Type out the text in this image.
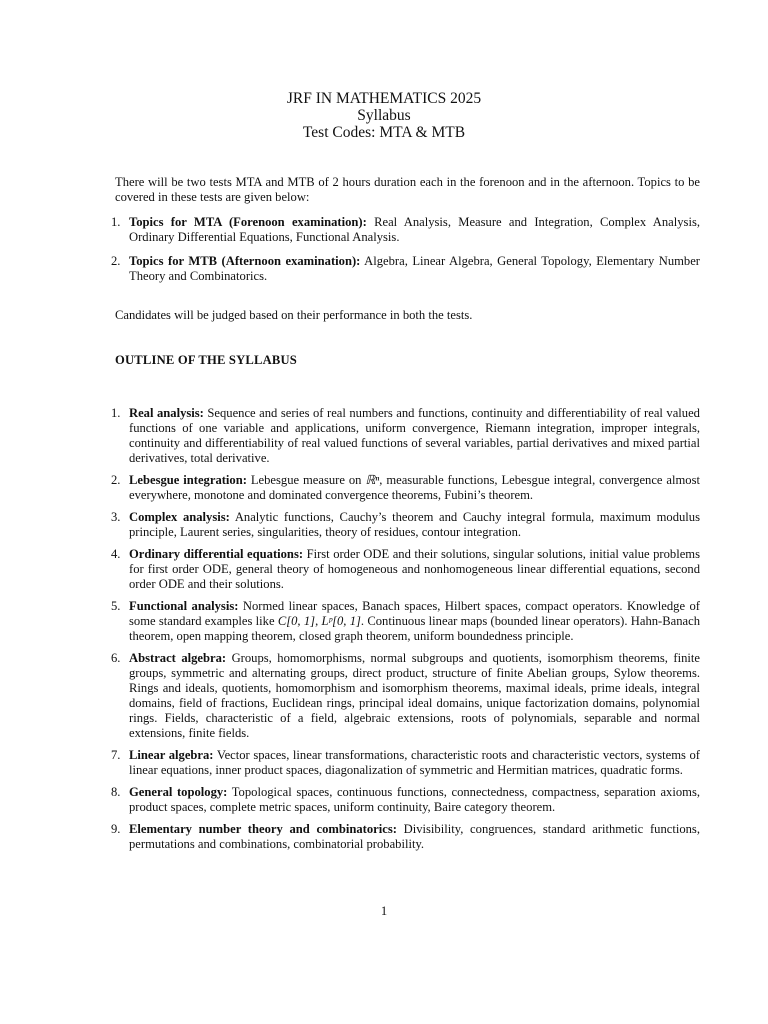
JRF IN MATHEMATICS 2025
Syllabus
Test Codes: MTA & MTB

There will be two tests MTA and MTB of 2 hours duration each in the forenoon and in the afternoon. Topics to be covered in these tests are given below:

1. Topics for MTA (Forenoon examination): Real Analysis, Measure and Integration, Complex Analysis, Ordinary Differential Equations, Functional Analysis.
2. Topics for MTB (Afternoon examination): Algebra, Linear Algebra, General Topology, Elementary Number Theory and Combinatorics.
Candidates will be judged based on their performance in both the tests.
OUTLINE OF THE SYLLABUS
1. Real analysis: Sequence and series of real numbers and functions, continuity and differentiability of real valued functions of one variable and applications, uniform convergence, Riemann integration, improper integrals, continuity and differentiability of real valued functions of several variables, partial derivatives and mixed partial derivatives, total derivative.
2. Lebesgue integration: Lebesgue measure on ℝⁿ, measurable functions, Lebesgue integral, convergence almost everywhere, monotone and dominated convergence theorems, Fubini’s theorem.
3. Complex analysis: Analytic functions, Cauchy’s theorem and Cauchy integral formula, maximum modulus principle, Laurent series, singularities, theory of residues, contour integration.
4. Ordinary differential equations: First order ODE and their solutions, singular solutions, initial value problems for first order ODE, general theory of homogeneous and nonhomogeneous linear differential equations, second order ODE and their solutions.
5. Functional analysis: Normed linear spaces, Banach spaces, Hilbert spaces, compact operators. Knowledge of some standard examples like C[0, 1], Lᵖ[0, 1]. Continuous linear maps (bounded linear operators). Hahn-Banach theorem, open mapping theorem, closed graph theorem, uniform boundedness principle.
6. Abstract algebra: Groups, homomorphisms, normal subgroups and quotients, isomorphism theorems, finite groups, symmetric and alternating groups, direct product, structure of finite Abelian groups, Sylow theorems. Rings and ideals, quotients, homomorphism and isomorphism theorems, maximal ideals, prime ideals, integral domains, field of fractions, Euclidean rings, principal ideal domains, unique factorization domains, polynomial rings. Fields, characteristic of a field, algebraic extensions, roots of polynomials, separable and normal extensions, finite fields.
7. Linear algebra: Vector spaces, linear transformations, characteristic roots and characteristic vectors, systems of linear equations, inner product spaces, diagonalization of symmetric and Hermitian matrices, quadratic forms.
8. General topology: Topological spaces, continuous functions, connectedness, compactness, separation axioms, product spaces, complete metric spaces, uniform continuity, Baire category theorem.
9. Elementary number theory and combinatorics: Divisibility, congruences, standard arithmetic functions, permutations and combinations, combinatorial probability.
1
